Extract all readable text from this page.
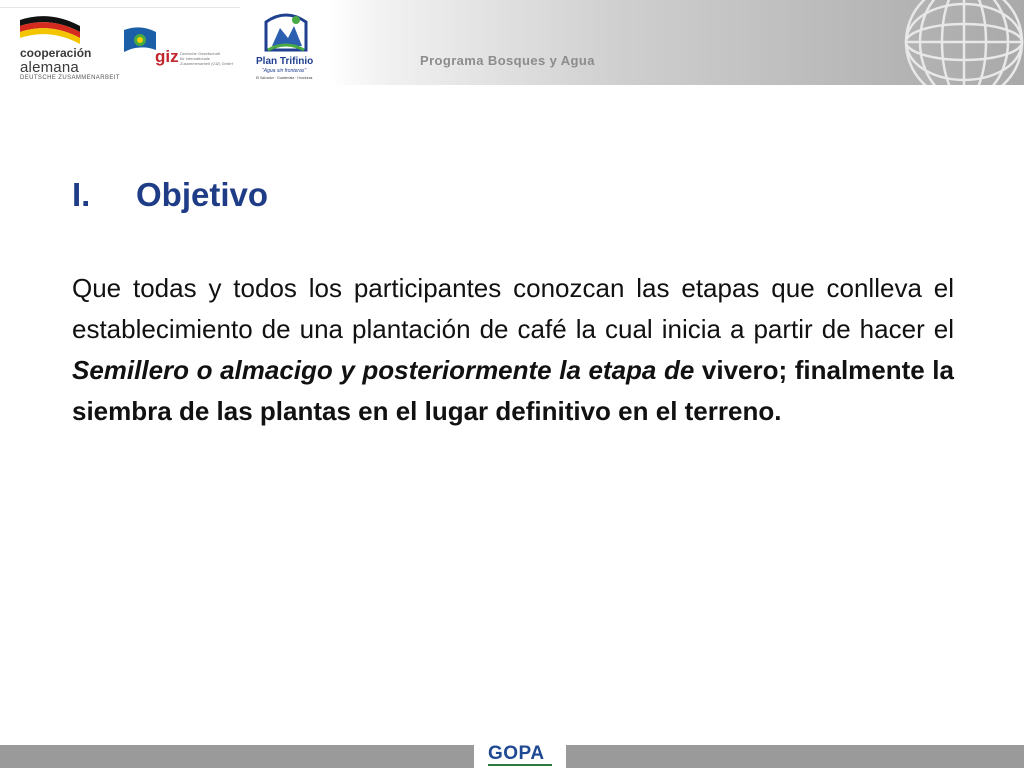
cooperación
alemana
DEUTSCHE ZUSAMMENARBEIT
giz Deutsche Gesellschaft
für Internationale
Zusammenarbeit (GIZ) GmbH Plan Trifinio
"Agua sin fronteras"
El Salvador · Guatemala · Honduras
Programa Bosques y Agua
I. Objetivo
Que todas y todos los participantes conozcan las etapas que conlleva el establecimiento de una plantación de café la cual inicia a partir de hacer el Semillero o almacigo y posteriormente la etapa de vivero; finalmente la siembra de las plantas en el lugar definitivo en el terreno.
GOPA
